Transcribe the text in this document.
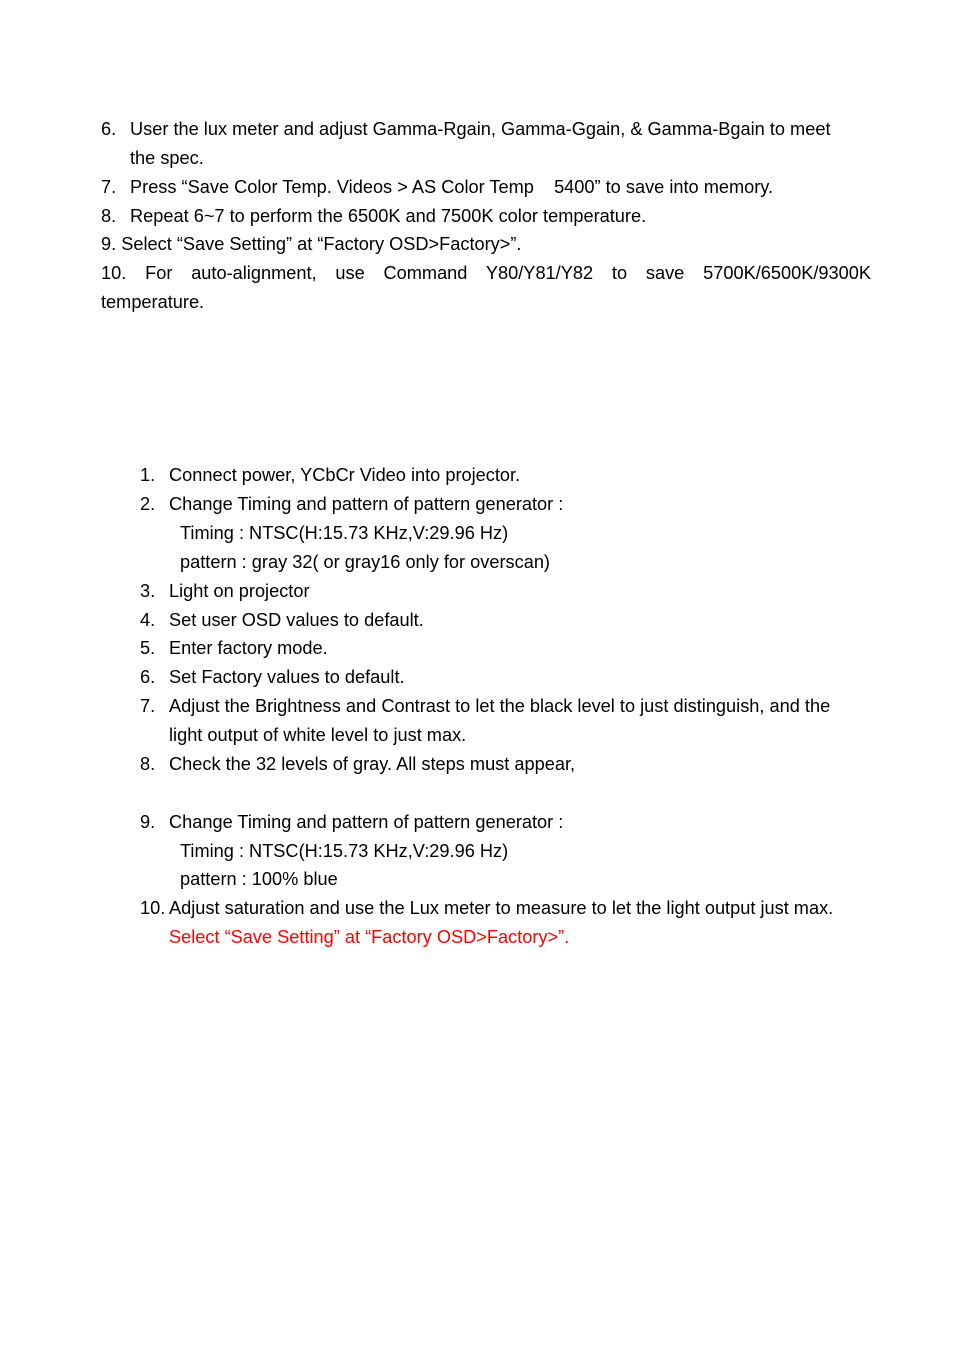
6. User the lux meter and adjust Gamma-Rgain, Gamma-Ggain, & Gamma-Bgain to meet
the spec.
7. Press “Save Color Temp. Videos > AS Color Temp    5400” to save into memory.
8. Repeat 6~7 to perform the 6500K and 7500K color temperature.
9. Select “Save Setting” at “Factory OSD>Factory>”.
10. For auto-alignment, use Command Y80/Y81/Y82 to save 5700K/6500K/9300K
temperature.
1. Connect power, YCbCr Video into projector.
2. Change Timing and pattern of pattern generator :
Timing : NTSC(H:15.73 KHz,V:29.96 Hz)
pattern : gray 32( or gray16 only for overscan)
3. Light on projector
4. Set user OSD values to default.
5. Enter factory mode.
6. Set Factory values to default.
7. Adjust the Brightness and Contrast to let the black level to just distinguish, and the
light output of white level to just max.
8. Check the 32 levels of gray. All steps must appear,
9. Change Timing and pattern of pattern generator :
Timing : NTSC(H:15.73 KHz,V:29.96 Hz)
pattern : 100% blue
10. Adjust saturation and use the Lux meter to measure to let the light output just max.
Select “Save Setting” at “Factory OSD>Factory>”.
